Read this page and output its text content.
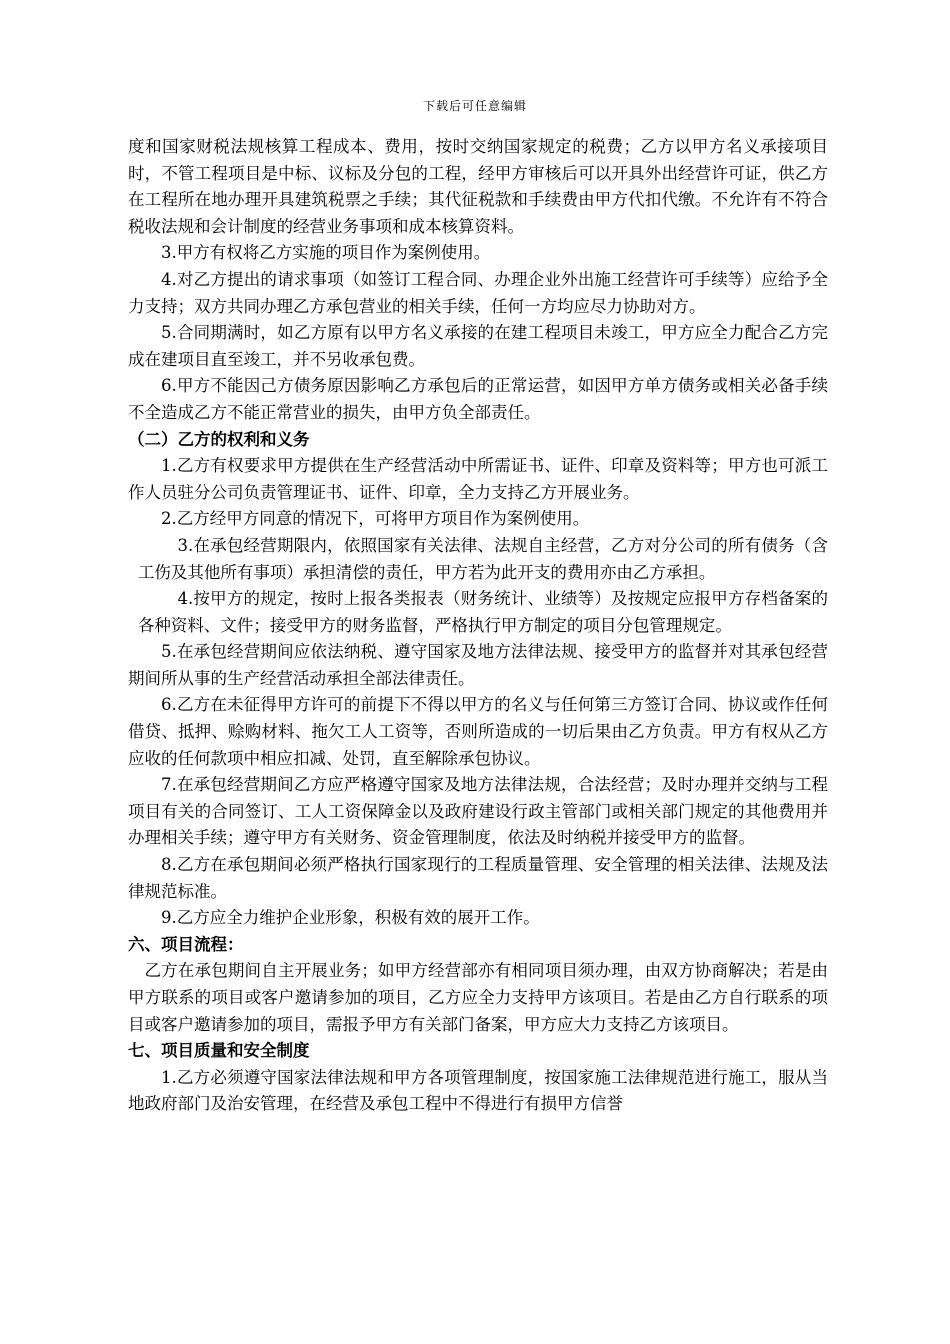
下载后可任意编辑

度和国家财税法规核算工程成本、费用，按时交纳国家规定的税费；乙方以甲方名义承接项目时，不管工程项目是中标、议标及分包的工程，经甲方审核后可以开具外出经营许可证，供乙方在工程所在地办理开具建筑税票之手续；其代征税款和手续费由甲方代扣代缴。不允许有不符合税收法规和会计制度的经营业务事项和成本核算资料。

3.甲方有权将乙方实施的项目作为案例使用。

4.对乙方提出的请求事项（如签订工程合同、办理企业外出施工经营许可手续等）应给予全力支持；双方共同办理乙方承包营业的相关手续，任何一方均应尽力协助对方。

5.合同期满时，如乙方原有以甲方名义承接的在建工程项目未竣工，甲方应全力配合乙方完成在建项目直至竣工，并不另收承包费。

6.甲方不能因己方债务原因影响乙方承包后的正常运营，如因甲方单方债务或相关必备手续不全造成乙方不能正常营业的损失，由甲方负全部责任。

（二）乙方的权利和义务

1.乙方有权要求甲方提供在生产经营活动中所需证书、证件、印章及资料等；甲方也可派工作人员驻分公司负责管理证书、证件、印章，全力支持乙方开展业务。

2.乙方经甲方同意的情况下，可将甲方项目作为案例使用。

3.在承包经营期限内，依照国家有关法律、法规自主经营，乙方对分公司的所有债务（含工伤及其他所有事项）承担清偿的责任，甲方若为此开支的费用亦由乙方承担。

4.按甲方的规定，按时上报各类报表（财务统计、业绩等）及按规定应报甲方存档备案的各种资料、文件；接受甲方的财务监督，严格执行甲方制定的项目分包管理规定。

5.在承包经营期间应依法纳税、遵守国家及地方法律法规、接受甲方的监督并对其承包经营期间所从事的生产经营活动承担全部法律责任。

6.乙方在未征得甲方许可的前提下不得以甲方的名义与任何第三方签订合同、协议或作任何借贷、抵押、赊购材料、拖欠工人工资等，否则所造成的一切后果由乙方负责。甲方有权从乙方应收的任何款项中相应扣减、处罚，直至解除承包协议。

7.在承包经营期间乙方应严格遵守国家及地方法律法规，合法经营；及时办理并交纳与工程项目有关的合同签订、工人工资保障金以及政府建设行政主管部门或相关部门规定的其他费用并办理相关手续；遵守甲方有关财务、资金管理制度，依法及时纳税并接受甲方的监督。

8.乙方在承包期间必须严格执行国家现行的工程质量管理、安全管理的相关法律、法规及法律规范标准。

9.乙方应全力维护企业形象，积极有效的展开工作。

六、项目流程：

乙方在承包期间自主开展业务；如甲方经营部亦有相同项目须办理，由双方协商解决；若是由甲方联系的项目或客户邀请参加的项目，乙方应全力支持甲方该项目。若是由乙方自行联系的项目或客户邀请参加的项目，需报予甲方有关部门备案，甲方应大力支持乙方该项目。

七、项目质量和安全制度

1.乙方必须遵守国家法律法规和甲方各项管理制度，按国家施工法律规范进行施工，服从当地政府部门及治安管理，在经营及承包工程中不得进行有损甲方信誉
